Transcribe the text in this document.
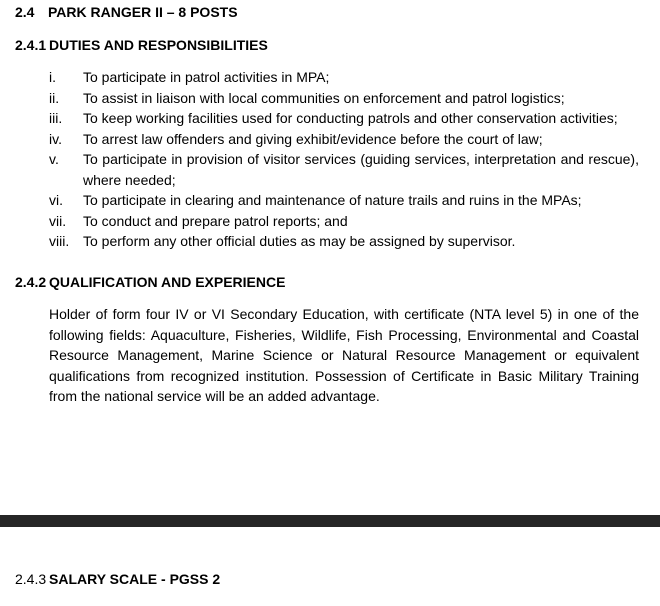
2.4 PARK RANGER II – 8 POSTS
2.4.1 DUTIES AND RESPONSIBILITIES
i.	To participate in patrol activities in MPA;
ii.	To assist in liaison with local communities on enforcement and patrol logistics;
iii.	To keep working facilities used for conducting patrols and other conservation activities;
iv.	To arrest law offenders and giving exhibit/evidence before the court of law;
v.	To participate in provision of visitor services (guiding services, interpretation and rescue), where needed;
vi.	To participate in clearing and maintenance of nature trails and ruins in the MPAs;
vii.	To conduct and prepare patrol reports; and
viii. To perform any other official duties as may be assigned by supervisor.
2.4.2 QUALIFICATION AND EXPERIENCE

Holder of form four IV or VI Secondary Education, with certificate (NTA level 5) in one of the following fields: Aquaculture, Fisheries, Wildlife, Fish Processing, Environmental and Coastal Resource Management, Marine Science or Natural Resource Management or equivalent qualifications from recognized institution. Possession of Certificate in Basic Military Training from the national service will be an added advantage.

2.4.3 SALARY SCALE - PGSS 2
